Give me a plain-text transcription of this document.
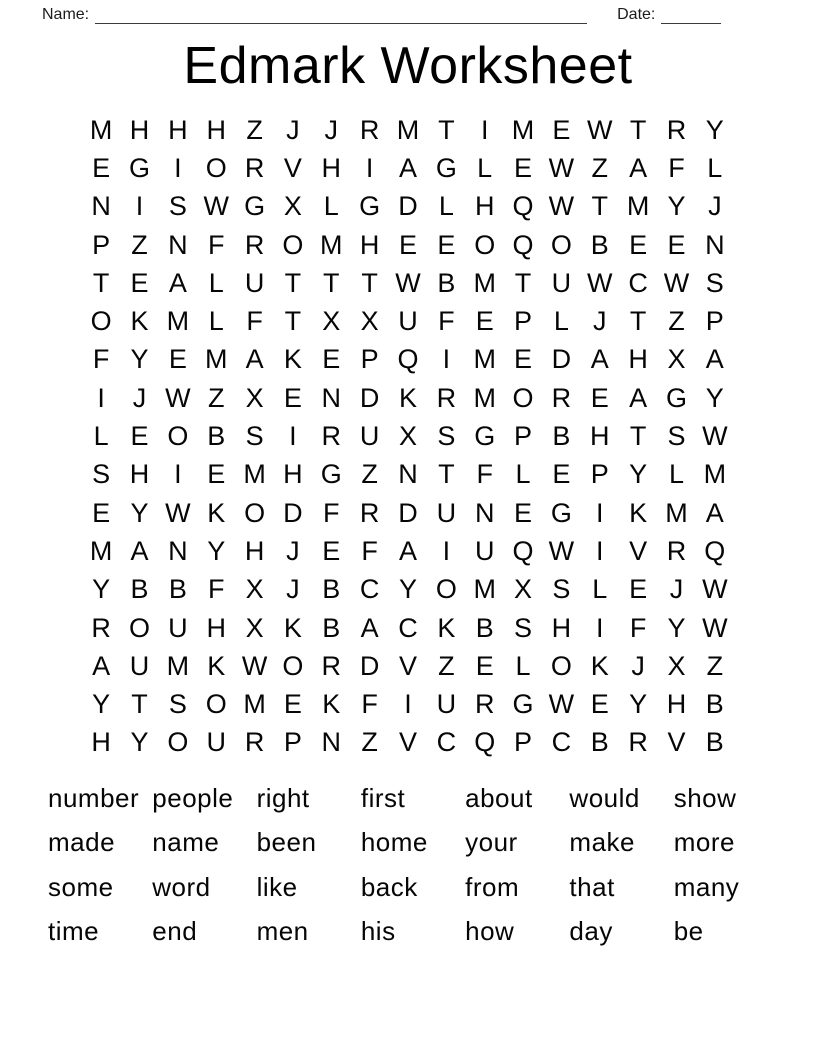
Name:	Date:
Edmark Worksheet
M H H H Z J J R M T I M E W T R Y
E G I O R V H I A G L E W Z A F L
N I S W G X L G D L H Q W T M Y J
P Z N F R O M H E E O Q O B E E N
T E A L U T T T W B M T U W C W S
O K M L F T X X U F E P L J T Z P
F Y E M A K E P Q I M E D A H X A
I	J W Z X E N D K R M O R E A G Y
L E O B S I R U X S G P B H T S W
S H I E M H G Z N T F L E P Y L M
E Y W K O D F R D U N E G I K M A
M A N Y H J E F A I U Q W I V R Q
Y B B F X J B C Y O M X S L E J W
R O U H X K B A C K B S H I F Y W
A U M K W O R D V Z E L O K J X Z
Y T S O M E K F I U R G W E Y H B
H Y O U R P N Z V C Q P C B R V B
number people right	first	about	would	show
made	name	been	home	your	make	more
some	word	like	back	from	that	many
time	end	men	his	how	day	be
